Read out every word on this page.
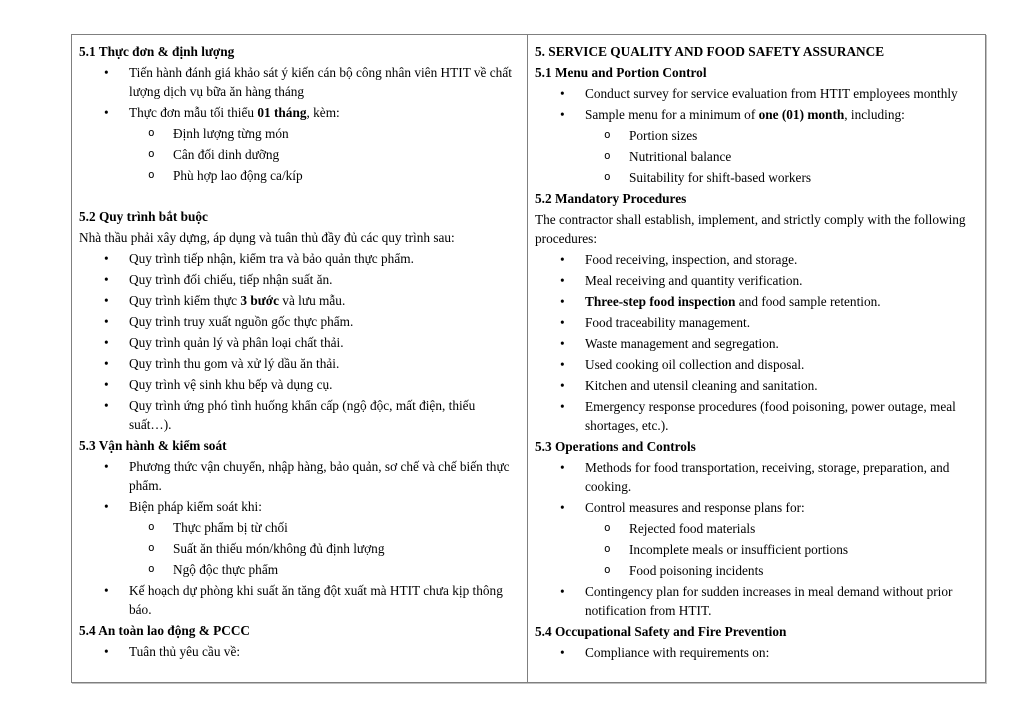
5.1 Thực đơn & định lượng
• Tiến hành đánh giá khảo sát ý kiến cán bộ công nhân viên HTIT về chất lượng dịch vụ bữa ăn hàng tháng
• Thực đơn mẫu tối thiểu 01 tháng, kèm:
o Định lượng từng món
o Cân đối dinh dưỡng
o Phù hợp lao động ca/kíp
5.2 Quy trình bắt buộc
Nhà thầu phải xây dựng, áp dụng và tuân thủ đầy đủ các quy trình sau:
• Quy trình tiếp nhận, kiểm tra và bảo quản thực phẩm.
• Quy trình đối chiếu, tiếp nhận suất ăn.
• Quy trình kiểm thực 3 bước và lưu mẫu.
• Quy trình truy xuất nguồn gốc thực phẩm.
• Quy trình quản lý và phân loại chất thải.
• Quy trình thu gom và xử lý dầu ăn thải.
• Quy trình vệ sinh khu bếp và dụng cụ.
• Quy trình ứng phó tình huống khẩn cấp (ngộ độc, mất điện, thiếu suất…).
5.3 Vận hành & kiểm soát
• Phương thức vận chuyển, nhập hàng, bảo quản, sơ chế và chế biến thực phẩm.
• Biện pháp kiểm soát khi:
o Thực phẩm bị từ chối
o Suất ăn thiếu món/không đủ định lượng
o Ngộ độc thực phẩm
• Kế hoạch dự phòng khi suất ăn tăng đột xuất mà HTIT chưa kịp thông báo.
5.4 An toàn lao động & PCCC
• Tuân thủ yêu cầu về:
5. SERVICE QUALITY AND FOOD SAFETY ASSURANCE
5.1 Menu and Portion Control
• Conduct survey for service evaluation from HTIT employees monthly
• Sample menu for a minimum of one (01) month, including:
o Portion sizes
o Nutritional balance
o Suitability for shift-based workers
5.2 Mandatory Procedures
The contractor shall establish, implement, and strictly comply with the following procedures:
• Food receiving, inspection, and storage.
• Meal receiving and quantity verification.
• Three-step food inspection and food sample retention.
• Food traceability management.
• Waste management and segregation.
• Used cooking oil collection and disposal.
• Kitchen and utensil cleaning and sanitation.
• Emergency response procedures (food poisoning, power outage, meal shortages, etc.).
5.3 Operations and Controls
• Methods for food transportation, receiving, storage, preparation, and cooking.
• Control measures and response plans for:
o Rejected food materials
o Incomplete meals or insufficient portions
o Food poisoning incidents
• Contingency plan for sudden increases in meal demand without prior notification from HTIT.
5.4 Occupational Safety and Fire Prevention
• Compliance with requirements on:
